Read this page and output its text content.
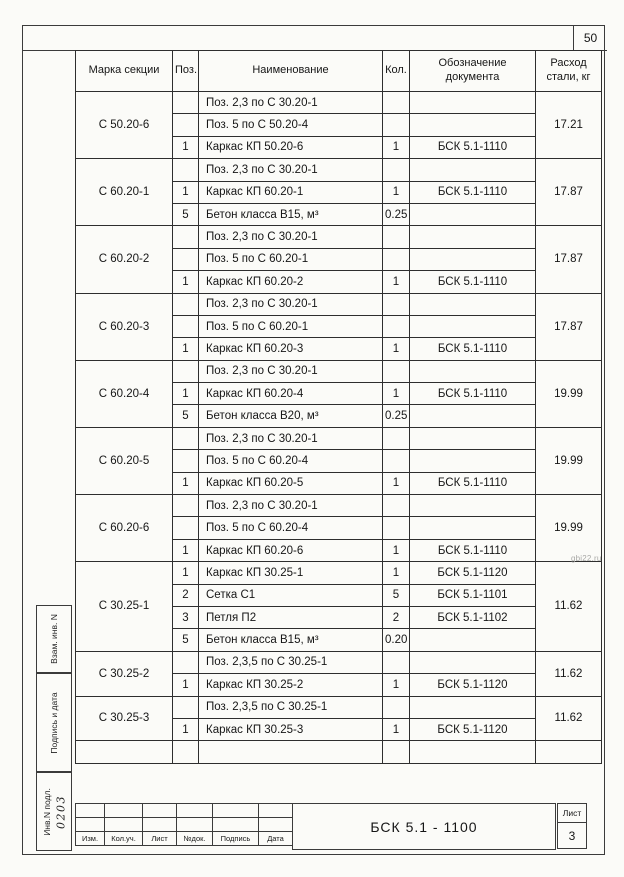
50
Марка секции	Поз.	Наименование	Кол.	Обозначение документа	Расход стали, кг
С 50.20-6		Поз. 2,3 по С 30.20-1			17.21
		Поз. 5 по С 50.20-4			
	1	Каркас КП 50.20-6	1	БСК 5.1-1110	
С 60.20-1		Поз. 2,3 по С 30.20-1			17.87
	1	Каркас КП 60.20-1	1	БСК 5.1-1110	
	5	Бетон класса В15, м³	0.25		
С 60.20-2		Поз. 2,3 по С 30.20-1			17.87
		Поз. 5 по С 60.20-1			
	1	Каркас КП 60.20-2	1	БСК 5.1-1110	
С 60.20-3		Поз. 2,3 по С 30.20-1			17.87
		Поз. 5 по С 60.20-1			
	1	Каркас КП 60.20-3	1	БСК 5.1-1110	
С 60.20-4		Поз. 2,3 по С 30.20-1			19.99
	1	Каркас КП 60.20-4	1	БСК 5.1-1110	
	5	Бетон класса В20, м³	0.25		
С 60.20-5		Поз. 2,3 по С 30.20-1			19.99
		Поз. 5 по С 60.20-4			
	1	Каркас КП 60.20-5	1	БСК 5.1-1110	
С 60.20-6		Поз. 2,3 по С 30.20-1			19.99
		Поз. 5 по С 60.20-4			
	1	Каркас КП 60.20-6	1	БСК 5.1-1110	
С 30.25-1	1	Каркас КП 30.25-1	1	БСК 5.1-1120	11.62
	2	Сетка С1	5	БСК 5.1-1101	
	3	Петля П2	2	БСК 5.1-1102	
	5	Бетон класса В15, м³	0.20		
С 30.25-2		Поз. 2,3,5 по С 30.25-1			11.62
	1	Каркас КП 30.25-2	1	БСК 5.1-1120	
С 30.25-3		Поз. 2,3,5 по С 30.25-1			11.62
	1	Каркас КП 30.25-3	1	БСК 5.1-1120	

Взам. инв. N
Подпись и дата
Инв.N подл. 0203

Изм.	Кол.уч.	Лист	№док.	Подпись	Дата
БСК 5.1 - 1100
Лист
3
gbi22.ru
